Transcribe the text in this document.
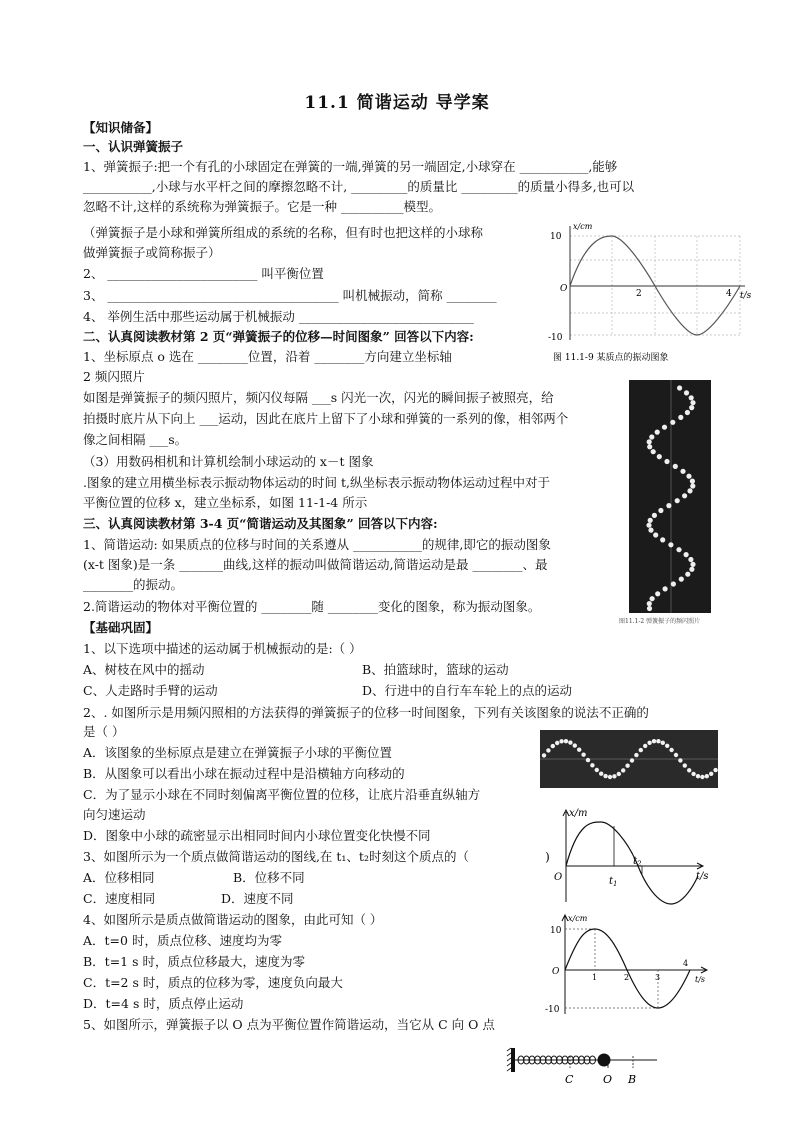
11.1 简谐运动 导学案
【知识储备】
一、认识弹簧振子
1、弹簧振子:把一个有孔的小球固定在弹簧的一端,弹簧的另一端固定,小球穿在 ___________,能够
___________,小球与水平杆之间的摩擦忽略不计, _________的质量比 _________的质量小得多,也可以
忽略不计,这样的系统称为弹簧振子。它是一种 __________模型。
（弹簧振子是小球和弹簧所组成的系统的名称，但有时也把这样的小球称
做弹簧振子或简称振子）
2、 ________________________ 叫平衡位置
3、 _____________________________________ 叫机械振动，简称 ________
4、 举例生活中那些运动属于机械振动 ____________________________
二、认真阅读教材第 2 页“弹簧振子的位移—时间图象” 回答以下内容:
1、坐标原点 o 选在 ________位置，沿着 ________方向建立坐标轴
2 频闪照片
如图是弹簧振子的频闪照片，频闪仪每隔 ___s 闪光一次，闪光的瞬间振子被照亮，给
拍摄时底片从下向上 ___运动，因此在底片上留下了小球和弹簧的一系列的像，相邻两个
像之间相隔 ___s。
（3）用数码相机和计算机绘制小球运动的 x－t 图象
.图象的建立用横坐标表示振动物体运动的时间 t,纵坐标表示振动物体运动过程中对于
平衡位置的位移 x，建立坐标系，如图 11-1-4 所示
三、认真阅读教材第 3-4 页“简谐运动及其图象” 回答以下内容:
1、简谐运动: 如果质点的位移与时间的关系遵从 ___________的规律,即它的振动图象
(x-t 图象)是一条 _______曲线,这样的振动叫做简谐运动,简谐运动是最 ________、最
________的振动。
2.简谐运动的物体对平衡位置的 ________随 ________变化的图象，称为振动图象。
【基础巩固】
1、以下选项中描述的运动属于机械振动的是:（ ）
A、树枝在风中的摇动	B、拍篮球时，篮球的运动
C、人走路时手臂的运动	D、行进中的自行车车轮上的点的运动
2、. 如图所示是用频闪照相的方法获得的弹簧振子的位移一时间图象，下列有关该图象的说法不正确的
是（ ）
A．该图象的坐标原点是建立在弹簧振子小球的平衡位置
B．从图象可以看出小球在振动过程中是沿横轴方向移动的
C．为了显示小球在不同时刻偏离平衡位置的位移，让底片沿垂直纵轴方
向匀速运动
D．图象中小球的疏密显示出相同时间内小球位置变化快慢不同
3、如图所示为一个质点做简谐运动的图线,在 t₁、t₂时刻这个质点的（
A．位移相同	B．位移不同
C．速度相同	D．速度不同
4、如图所示是质点做简谐运动的图象，由此可知（ ）
A．t=0 时，质点位移、速度均为零
B．t=1 s 时，质点位移最大，速度为零
C．t=2 s 时，质点的位移为零，速度负向最大
D．t=4 s 时，质点停止运动
5、如图所示，弹簧振子以 O 点为平衡位置作简谐运动，当它从 C 向 O 点
)
x/cm
t/s
10
-10
O	2	4
图 11.1-9 某质点的振动图象
图11.1-2 弹簧振子的频闪照片
x/m
t/s
O	$t_1$
$t_2$
x/cm
t/s
10
-10
O
1	2	3
4
C	O B
